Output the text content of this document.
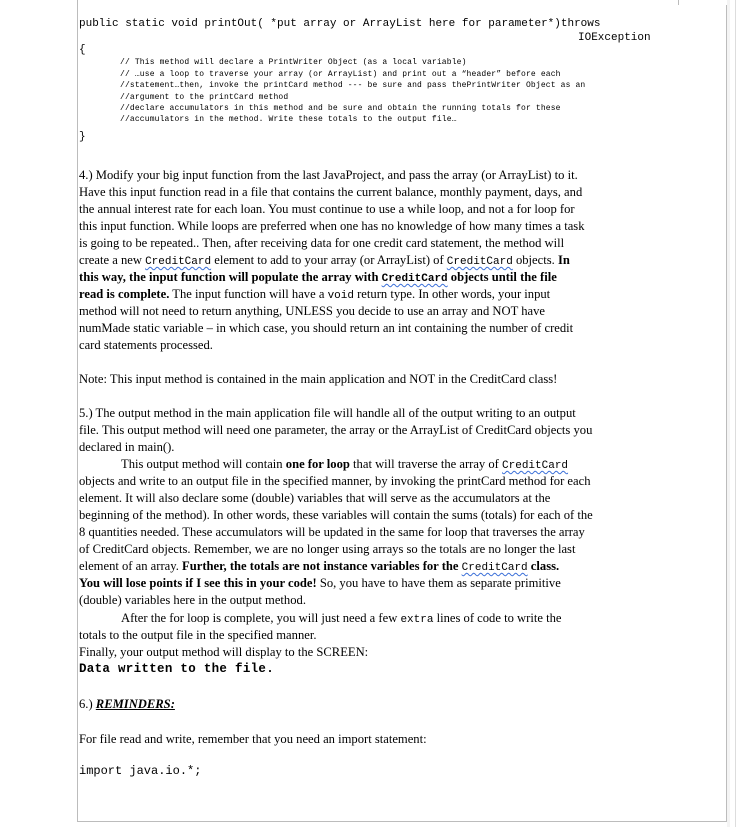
public static void printOut( *put array or ArrayList here for parameter*)throws
IOException
{
// This method will declare a PrintWriter Object (as a local variable)
// …use a loop to traverse your array (or ArrayList) and print out a “header” before each
//statement…then, invoke the printCard method --- be sure and pass thePrintWriter Object as an
//argument to the printCard method
//declare accumulators in this method and be sure and obtain the running totals for these
//accumulators in the method. Write these totals to the output file…
}
4.) Modify your big input function from the last JavaProject, and pass the array (or ArrayList) to it.
Have this input function read in a file that contains the current balance, monthly payment, days, and
the annual interest rate for each loan. You must continue to use a while loop, and not a for loop for
this input function. While loops are preferred when one has no knowledge of how many times a task
is going to be repeated.. Then, after receiving data for one credit card statement, the method will
create a new CreditCard element to add to your array (or ArrayList) of CreditCard objects. In
this way, the input function will populate the array with CreditCard objects until the file
read is complete. The input function will have a void return type. In other words, your input
method will not need to return anything, UNLESS you decide to use an array and NOT have
numMade static variable – in which case, you should return an int containing the number of credit
card statements processed.
Note: This input method is contained in the main application and NOT in the CreditCard class!
5.) The output method in the main application file will handle all of the output writing to an output
file. This output method will need one parameter, the array or the ArrayList of CreditCard objects you
declared in main().
This output method will contain one for loop that will traverse the array of CreditCard
objects and write to an output file in the specified manner, by invoking the printCard method for each
element. It will also declare some (double) variables that will serve as the accumulators at the
beginning of the method). In other words, these variables will contain the sums (totals) for each of the
8 quantities needed. These accumulators will be updated in the same for loop that traverses the array
of CreditCard objects. Remember, we are no longer using arrays so the totals are no longer the last
element of an array. Further, the totals are not instance variables for the CreditCard class.
You will lose points if I see this in your code! So, you have to have them as separate primitive
(double) variables here in the output method.
After the for loop is complete, you will just need a few extra lines of code to write the
totals to the output file in the specified manner.
Finally, your output method will display to the SCREEN:
Data written to the file.
6.) REMINDERS:
For file read and write, remember that you need an import statement:
import java.io.*;
